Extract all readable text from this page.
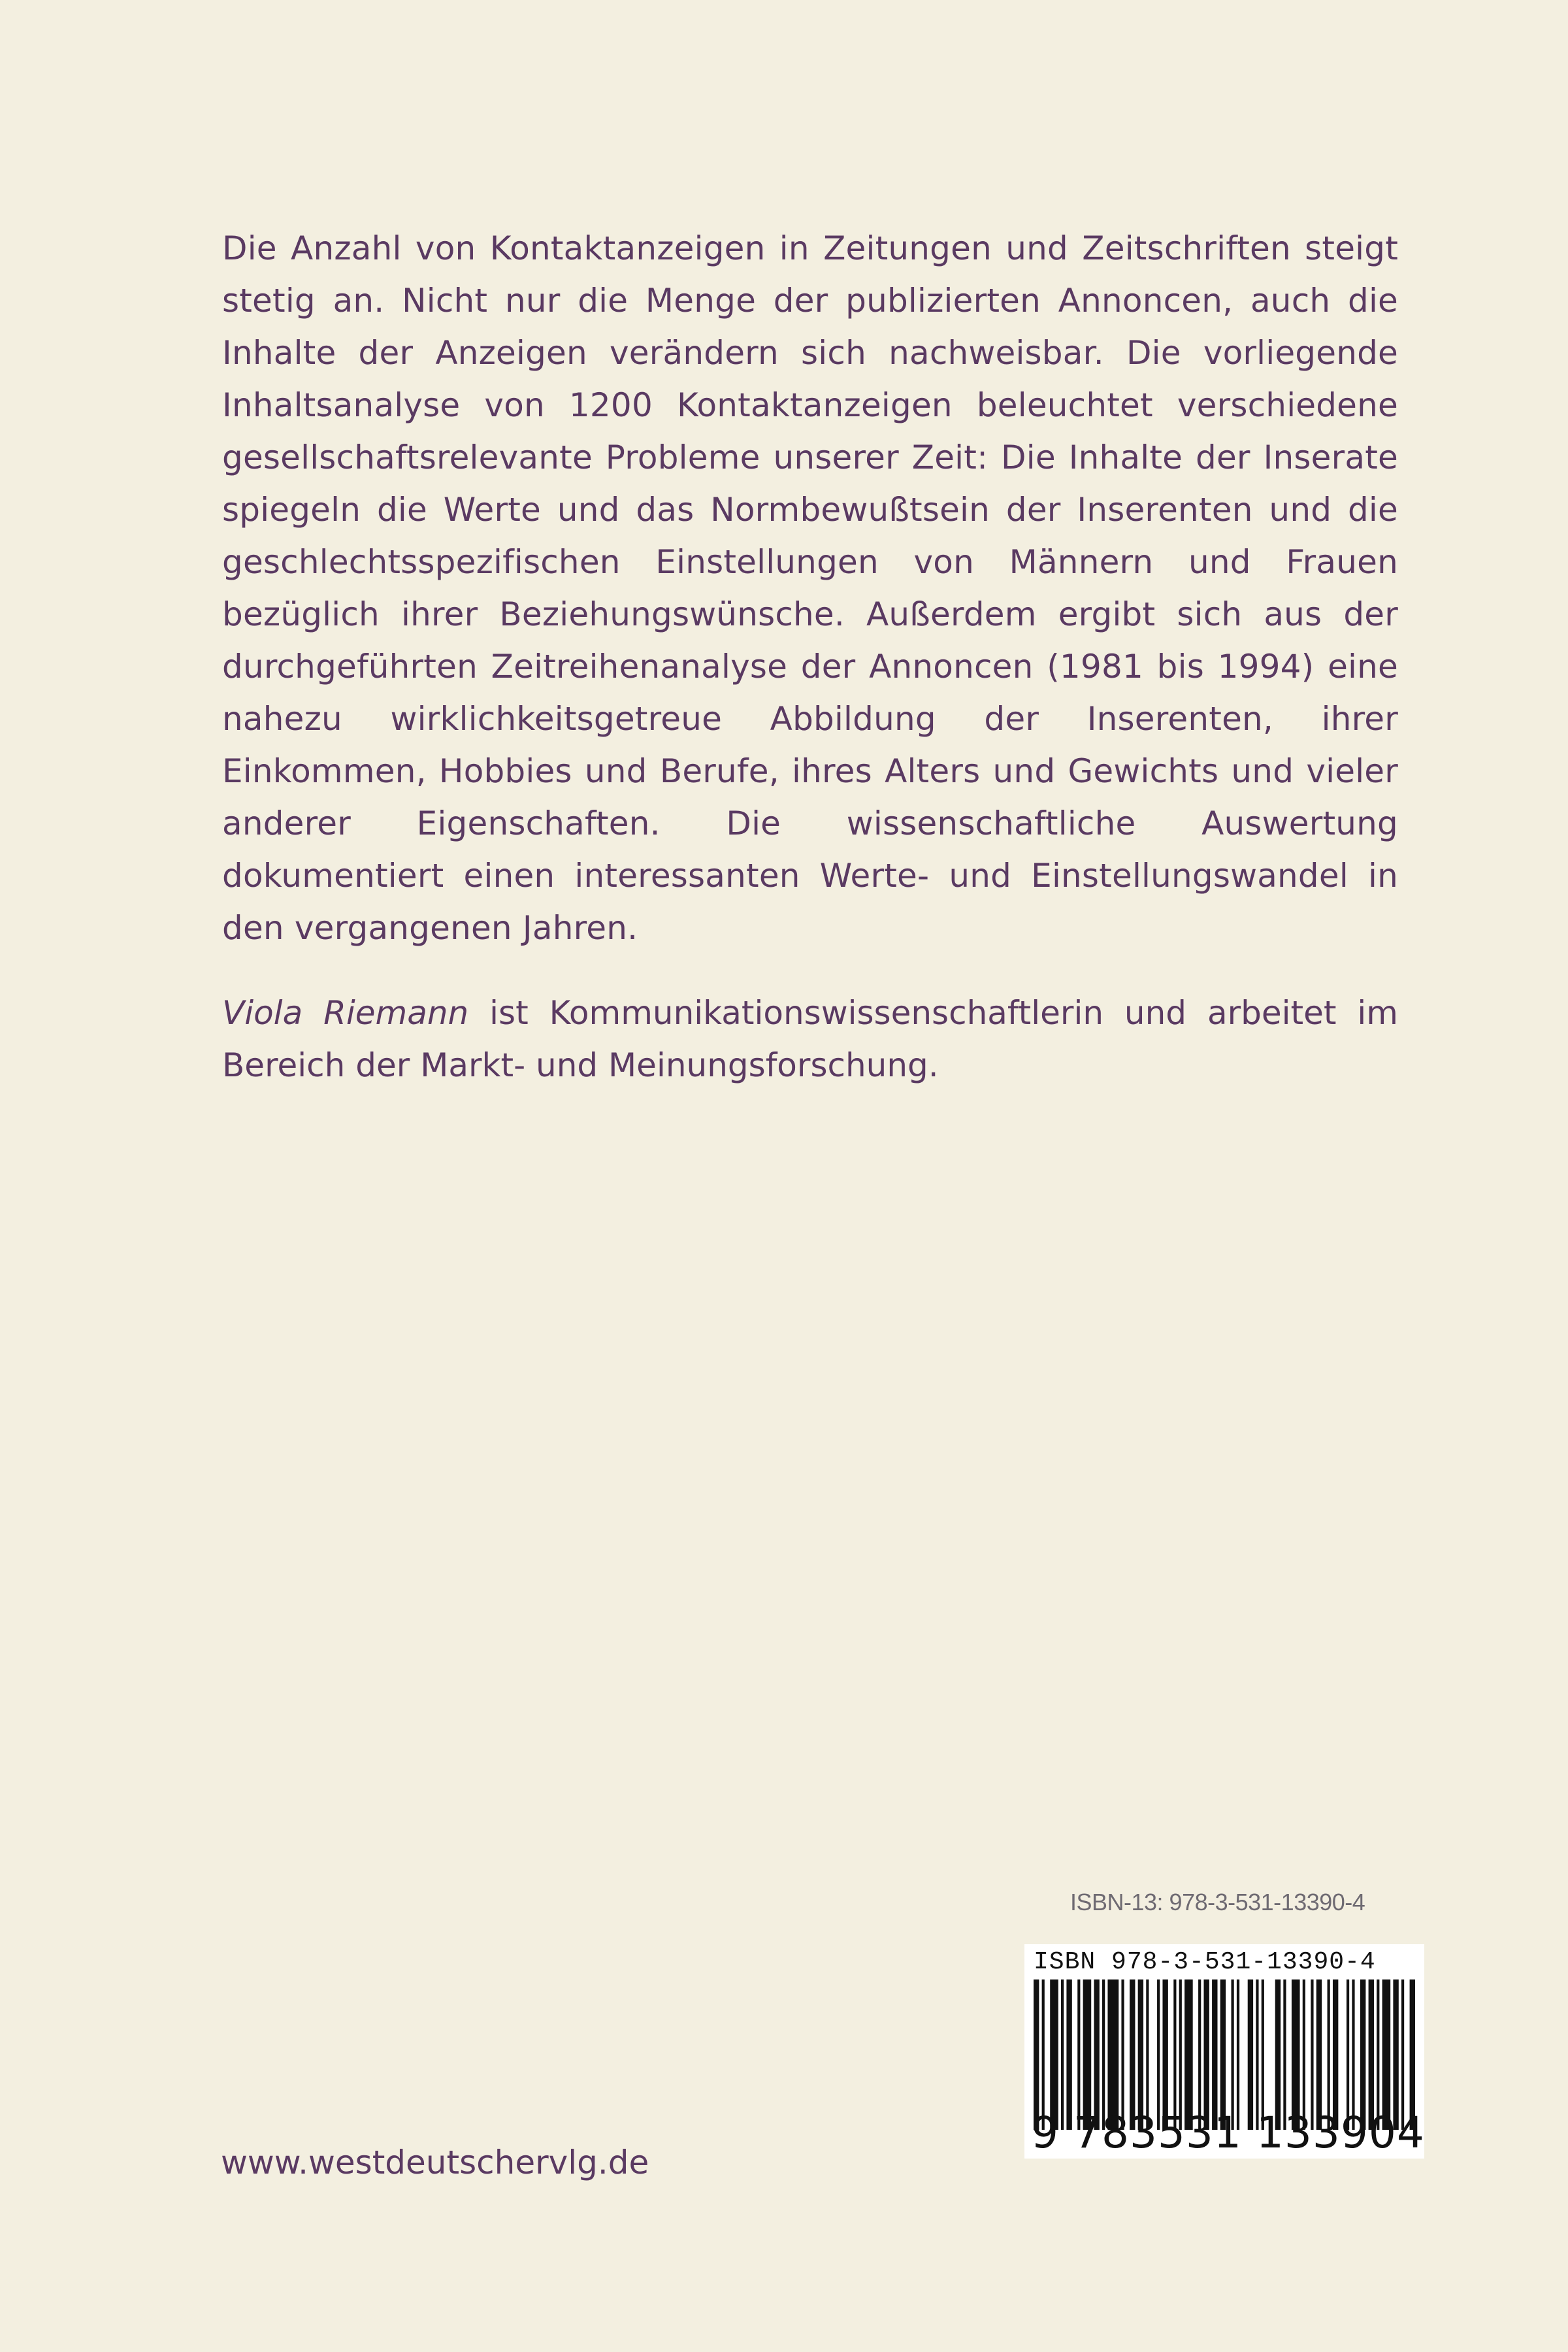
Die Anzahl von Kontaktanzeigen in Zeitungen und Zeitschriften steigt stetig an. Nicht nur die Menge der publizierten Annoncen, auch die Inhalte der Anzeigen verändern sich nachweisbar. Die vorliegende Inhaltsanalyse von 1200 Kontaktanzeigen beleuchtet verschiedene gesellschaftsrelevante Probleme unserer Zeit: Die Inhalte der Inserate spiegeln die Werte und das Normbewußtsein der Inserenten und die geschlechtsspezifischen Einstellungen von Männern und Frauen bezüglich ihrer Beziehungswünsche. Außerdem ergibt sich aus der durchgeführten Zeitreihenanalyse der Annoncen (1981 bis 1994) eine nahezu wirklichkeitsgetreue Abbildung der Inserenten, ihrer Einkommen, Hobbies und Berufe, ihres Alters und Gewichts und vieler anderer Eigenschaften. Die wissenschaftliche Auswertung dokumentiert einen interessanten Werte- und Einstellungswandel in den vergangenen Jahren.

Viola Riemann ist Kommunikationswissenschaftlerin und arbeitet im Bereich der Markt- und Meinungsforschung.

ISBN-13: 978-3-531-13390-4
ISBN 978-3-531-13390-4
9 783531 133904
www.westdeutschervlg.de
